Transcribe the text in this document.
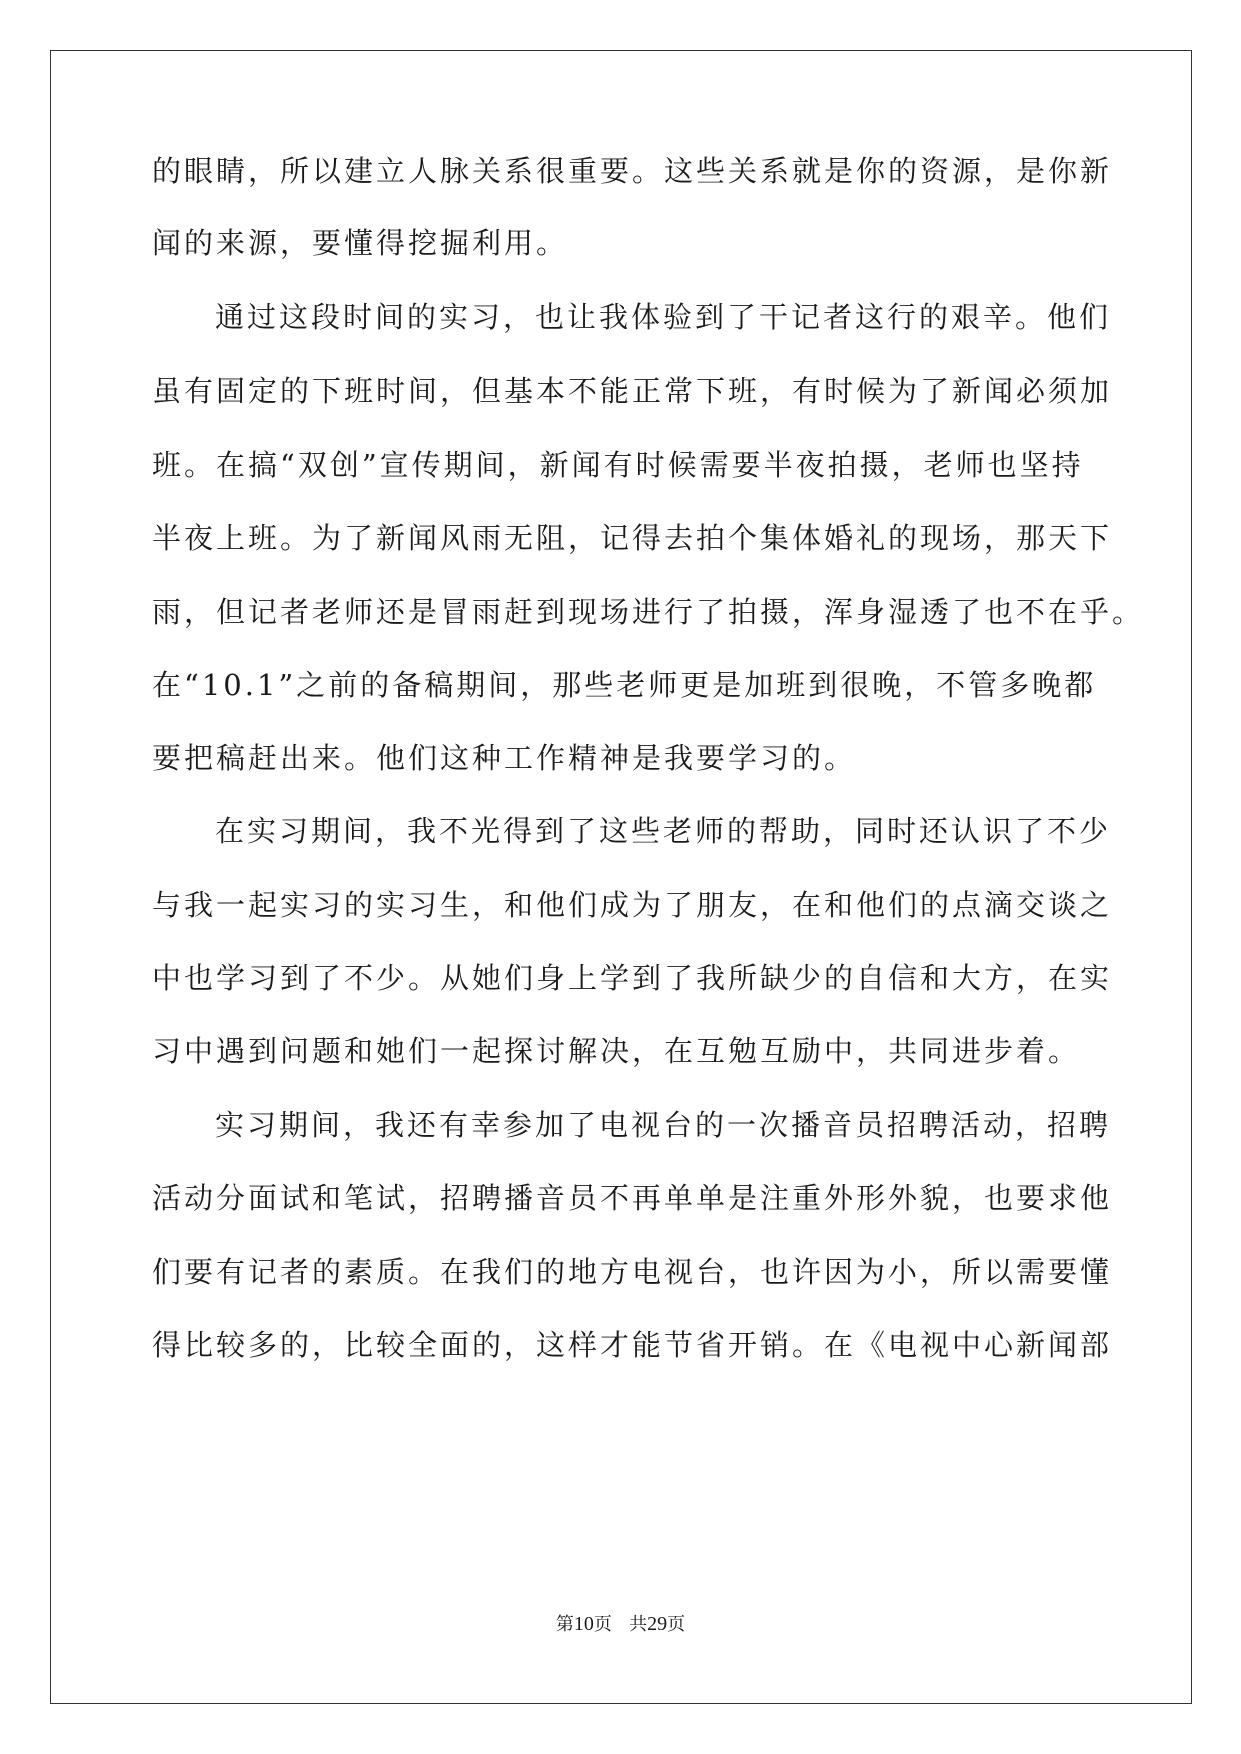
的眼睛，所以建立人脉关系很重要。这些关系就是你的资源，是你新
闻的来源，要懂得挖掘利用。
通过这段时间的实习，也让我体验到了干记者这行的艰辛。他们
虽有固定的下班时间，但基本不能正常下班，有时候为了新闻必须加
班。在搞“双创”宣传期间，新闻有时候需要半夜拍摄，老师也坚持
半夜上班。为了新闻风雨无阻，记得去拍个集体婚礼的现场，那天下
雨，但记者老师还是冒雨赶到现场进行了拍摄，浑身湿透了也不在乎。
在“10.1”之前的备稿期间，那些老师更是加班到很晚，不管多晚都
要把稿赶出来。他们这种工作精神是我要学习的。
在实习期间，我不光得到了这些老师的帮助，同时还认识了不少
与我一起实习的实习生，和他们成为了朋友，在和他们的点滴交谈之
中也学习到了不少。从她们身上学到了我所缺少的自信和大方，在实
习中遇到问题和她们一起探讨解决，在互勉互励中，共同进步着。
实习期间，我还有幸参加了电视台的一次播音员招聘活动，招聘
活动分面试和笔试，招聘播音员不再单单是注重外形外貌，也要求他
们要有记者的素质。在我们的地方电视台，也许因为小，所以需要懂
得比较多的，比较全面的，这样才能节省开销。在《电视中心新闻部
第10页 共29页
